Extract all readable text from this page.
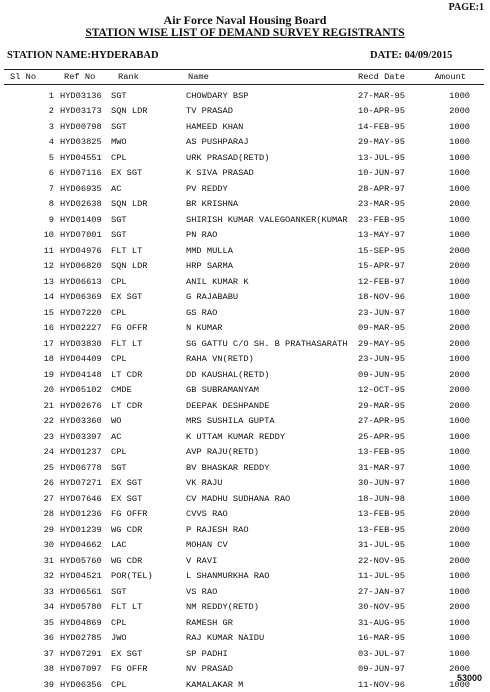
PAGE:1
Air Force Naval Housing Board
STATION WISE LIST OF DEMAND SURVEY REGISTRANTS
STATION NAME:HYDERABAD	DATE: 04/09/2015
Sl No	Ref No	Rank	Name	Recd Date	Amount
1 HYD03136 SGT	CHOWDARY BSP	27-MAR-95	1000
2 HYD03173 SQN LDR	TV PRASAD	10-APR-95	2000
3 HYD00798 SGT	HAMEED KHAN	14-FEB-95	1000
4 HYD03825 MWO	AS PUSHPARAJ	29-MAY-95	1000
5 HYD04551 CPL	URK PRASAD(RETD)	13-JUL-95	1000
6 HYD07116 EX SGT	K SIVA PRASAD	10-JUN-97	1000
7 HYD06935 AC	PV REDDY	28-APR-97	1000
8 HYD02638 SQN LDR	BR KRISHNA	23-MAR-95	2000
9 HYD01409 SGT	SHIRISH KUMAR VALEGOANKER(KUMAR 23-FEB-95	1000
10 HYD07001 SGT	PN RAO	13-MAY-97	1000
11 HYD04976 FLT LT	MMD MULLA	15-SEP-95	2000
12 HYD06820 SQN LDR	HRP SARMA	15-APR-97	2000
13 HYD06613 CPL	ANIL KUMAR K	12-FEB-97	1000
14 HYD06369 EX SGT	G RAJABABU	18-NOV-96	1000
15 HYD07220 CPL	GS RAO	23-JUN-97	1000
16 HYD02227 FG OFFR	N KUMAR	09-MAR-95	2000
17 HYD03830 FLT LT	SG GATTU C/O SH. B PRATHASARATH 29-MAY-95	2000
18 HYD04409 CPL	RAHA VN(RETD)	23-JUN-95	1000
19 HYD04148 LT CDR	DD KAUSHAL(RETD)	09-JUN-95	2000
20 HYD05102 CMDE	GB SUBRAMANYAM	12-OCT-95	2000
21 HYD02676 LT CDR	DEEPAK DESHPANDE	29-MAR-95	2000
22 HYD03360 WO	MRS SUSHILA GUPTA	27-APR-95	1000
23 HYD03397 AC	K UTTAM KUMAR REDDY	25-APR-95	1000
24 HYD01237 CPL	AVP RAJU(RETD)	13-FEB-95	1000
25 HYD06778 SGT	BV BHASKAR REDDY	31-MAR-97	1000
26 HYD07271 EX SGT	VK RAJU	30-JUN-97	1000
27 HYD07646 EX SGT	CV MADHU SUDHANA RAO	18-JUN-98	1000
28 HYD01236 FG OFFR	CVVS RAO	13-FEB-95	2000
29 HYD01239 WG CDR	P RAJESH RAO	13-FEB-95	2000
30 HYD04662 LAC	MOHAN CV	31-JUL-95	1000
31 HYD05760 WG CDR	V RAVI	22-NOV-95	2000
32 HYD04521 POR(TEL)	L SHANMURKHA RAO	11-JUL-95	1000
33 HYD06561 SGT	VS RAO	27-JAN-97	1000
34 HYD05780 FLT LT	NM REDDY(RETD)	30-NOV-95	2000
35 HYD04869 CPL	RAMESH GR	31-AUG-95	1000
36 HYD02785 JWO	RAJ KUMAR NAIDU	16-MAR-95	1000
37 HYD07291 EX SGT	SP PADHI	03-JUL-97	1000
38 HYD07097 FG OFFR	NV PRASAD	09-JUN-97	2000
39 HYD06356 CPL	KAMALAKAR M	11-NOV-96	1000
53000
